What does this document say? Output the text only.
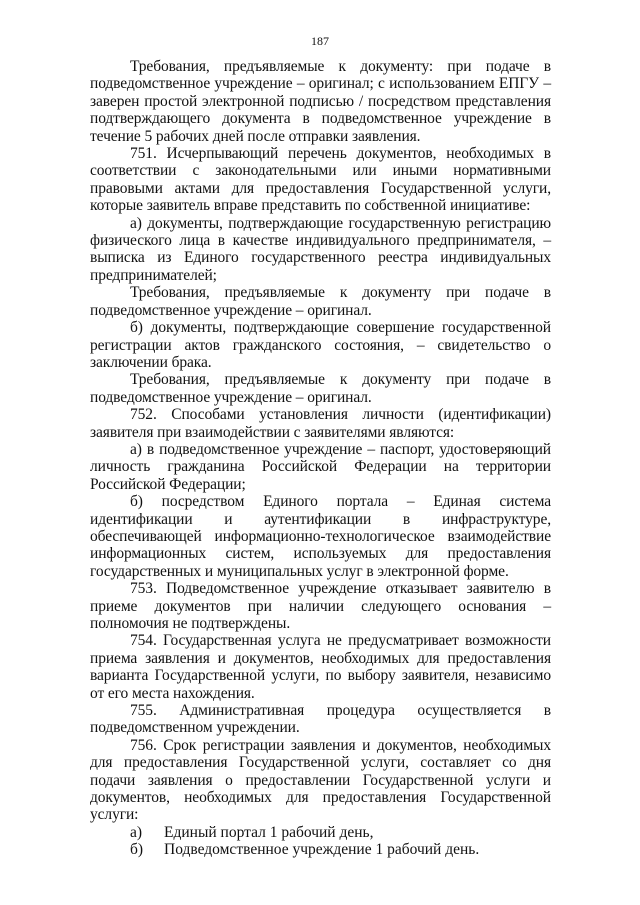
187

Требования, предъявляемые к документу: при подаче в подведомственное учреждение – оригинал; с использованием ЕПГУ – заверен простой электронной подписью / посредством представления подтверждающего документа в подведомственное учреждение в течение 5 рабочих дней после отправки заявления.

751. Исчерпывающий перечень документов, необходимых в соответствии с законодательными или иными нормативными правовыми актами для предоставления Государственной услуги, которые заявитель вправе представить по собственной инициативе:

а) документы, подтверждающие государственную регистрацию физического лица в качестве индивидуального предпринимателя, – выписка из Единого государственного реестра индивидуальных предпринимателей;

Требования, предъявляемые к документу при подаче в подведомственное учреждение – оригинал.

б) документы, подтверждающие совершение государственной регистрации актов гражданского состояния, – свидетельство о заключении брака.

Требования, предъявляемые к документу при подаче в подведомственное учреждение – оригинал.

752. Способами установления личности (идентификации) заявителя при взаимодействии с заявителями являются:

а) в подведомственное учреждение – паспорт, удостоверяющий личность гражданина Российской Федерации на территории Российской Федерации;

б) посредством Единого портала – Единая система идентификации и аутентификации в инфраструктуре, обеспечивающей информационно-технологическое взаимодействие информационных систем, используемых для предоставления государственных и муниципальных услуг в электронной форме.

753. Подведомственное учреждение отказывает заявителю в приеме документов при наличии следующего основания – полномочия не подтверждены.

754. Государственная услуга не предусматривает возможности приема заявления и документов, необходимых для предоставления варианта Государственной услуги, по выбору заявителя, независимо от его места нахождения.

755. Административная процедура осуществляется в подведомственном учреждении.

756. Срок регистрации заявления и документов, необходимых для предоставления Государственной услуги, составляет со дня подачи заявления о предоставлении Государственной услуги и документов, необходимых для предоставления Государственной услуги:

а) Единый портал 1 рабочий день,

б) Подведомственное учреждение 1 рабочий день.
